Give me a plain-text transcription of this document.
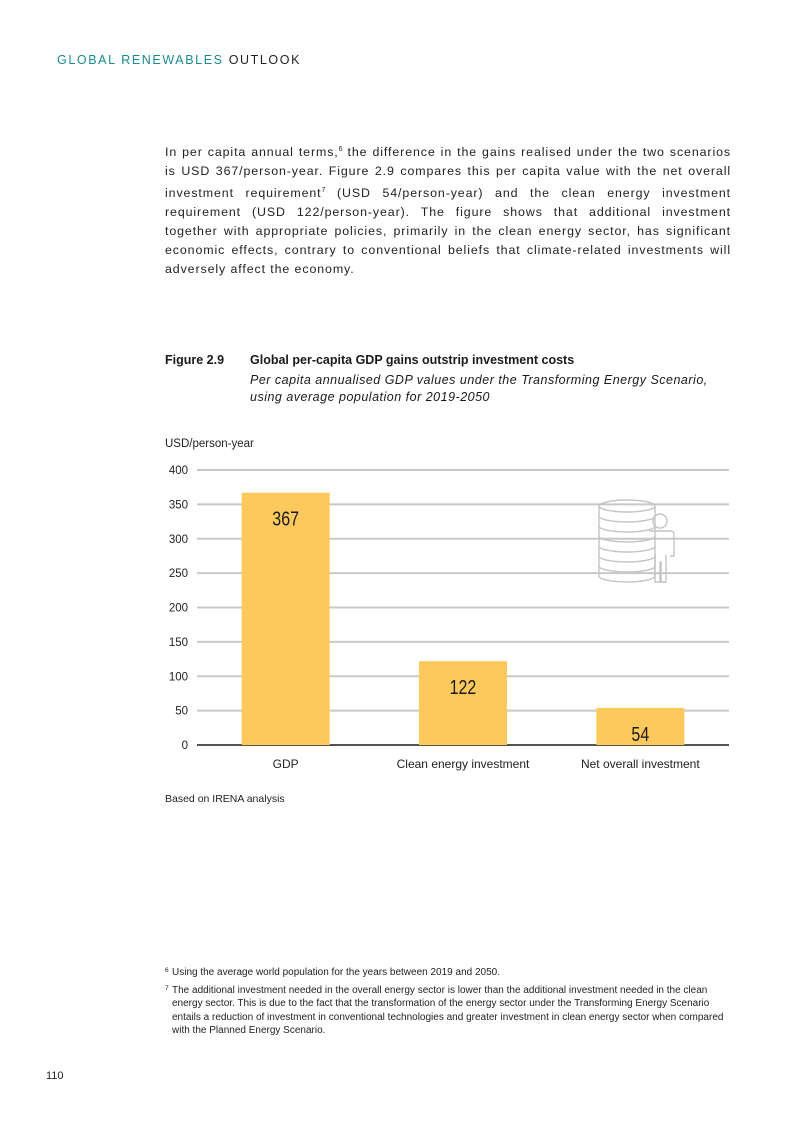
GLOBAL RENEWABLES OUTLOOK
In per capita annual terms,$^6$ the difference in the gains realised under the two scenarios is USD 367/person-year. Figure 2.9 compares this per capita value with the net overall investment requirement$^7$ (USD 54/person-year) and the clean energy investment requirement (USD 122/person-year). The figure shows that additional investment together with appropriate policies, primarily in the clean energy sector, has significant economic effects, contrary to conventional beliefs that climate-related investments will adversely affect the economy.
Figure 2.9 Global per-capita GDP gains outstrip investment costs
Per capita annualised GDP values under the Transforming Energy Scenario, using average population for 2019-2050
USD/person-year
0
50
100
150
200
250
300
350
400
367
GDP
122
Clean energy investment
54
Net overall investment
Based on IRENA analysis
6 Using the average world population for the years between 2019 and 2050.
7 The additional investment needed in the overall energy sector is lower than the additional investment needed in the clean energy sector. This is due to the fact that the transformation of the energy sector under the Transforming Energy Scenario entails a reduction of investment in conventional technologies and greater investment in clean energy sector when compared with the Planned Energy Scenario.
110
